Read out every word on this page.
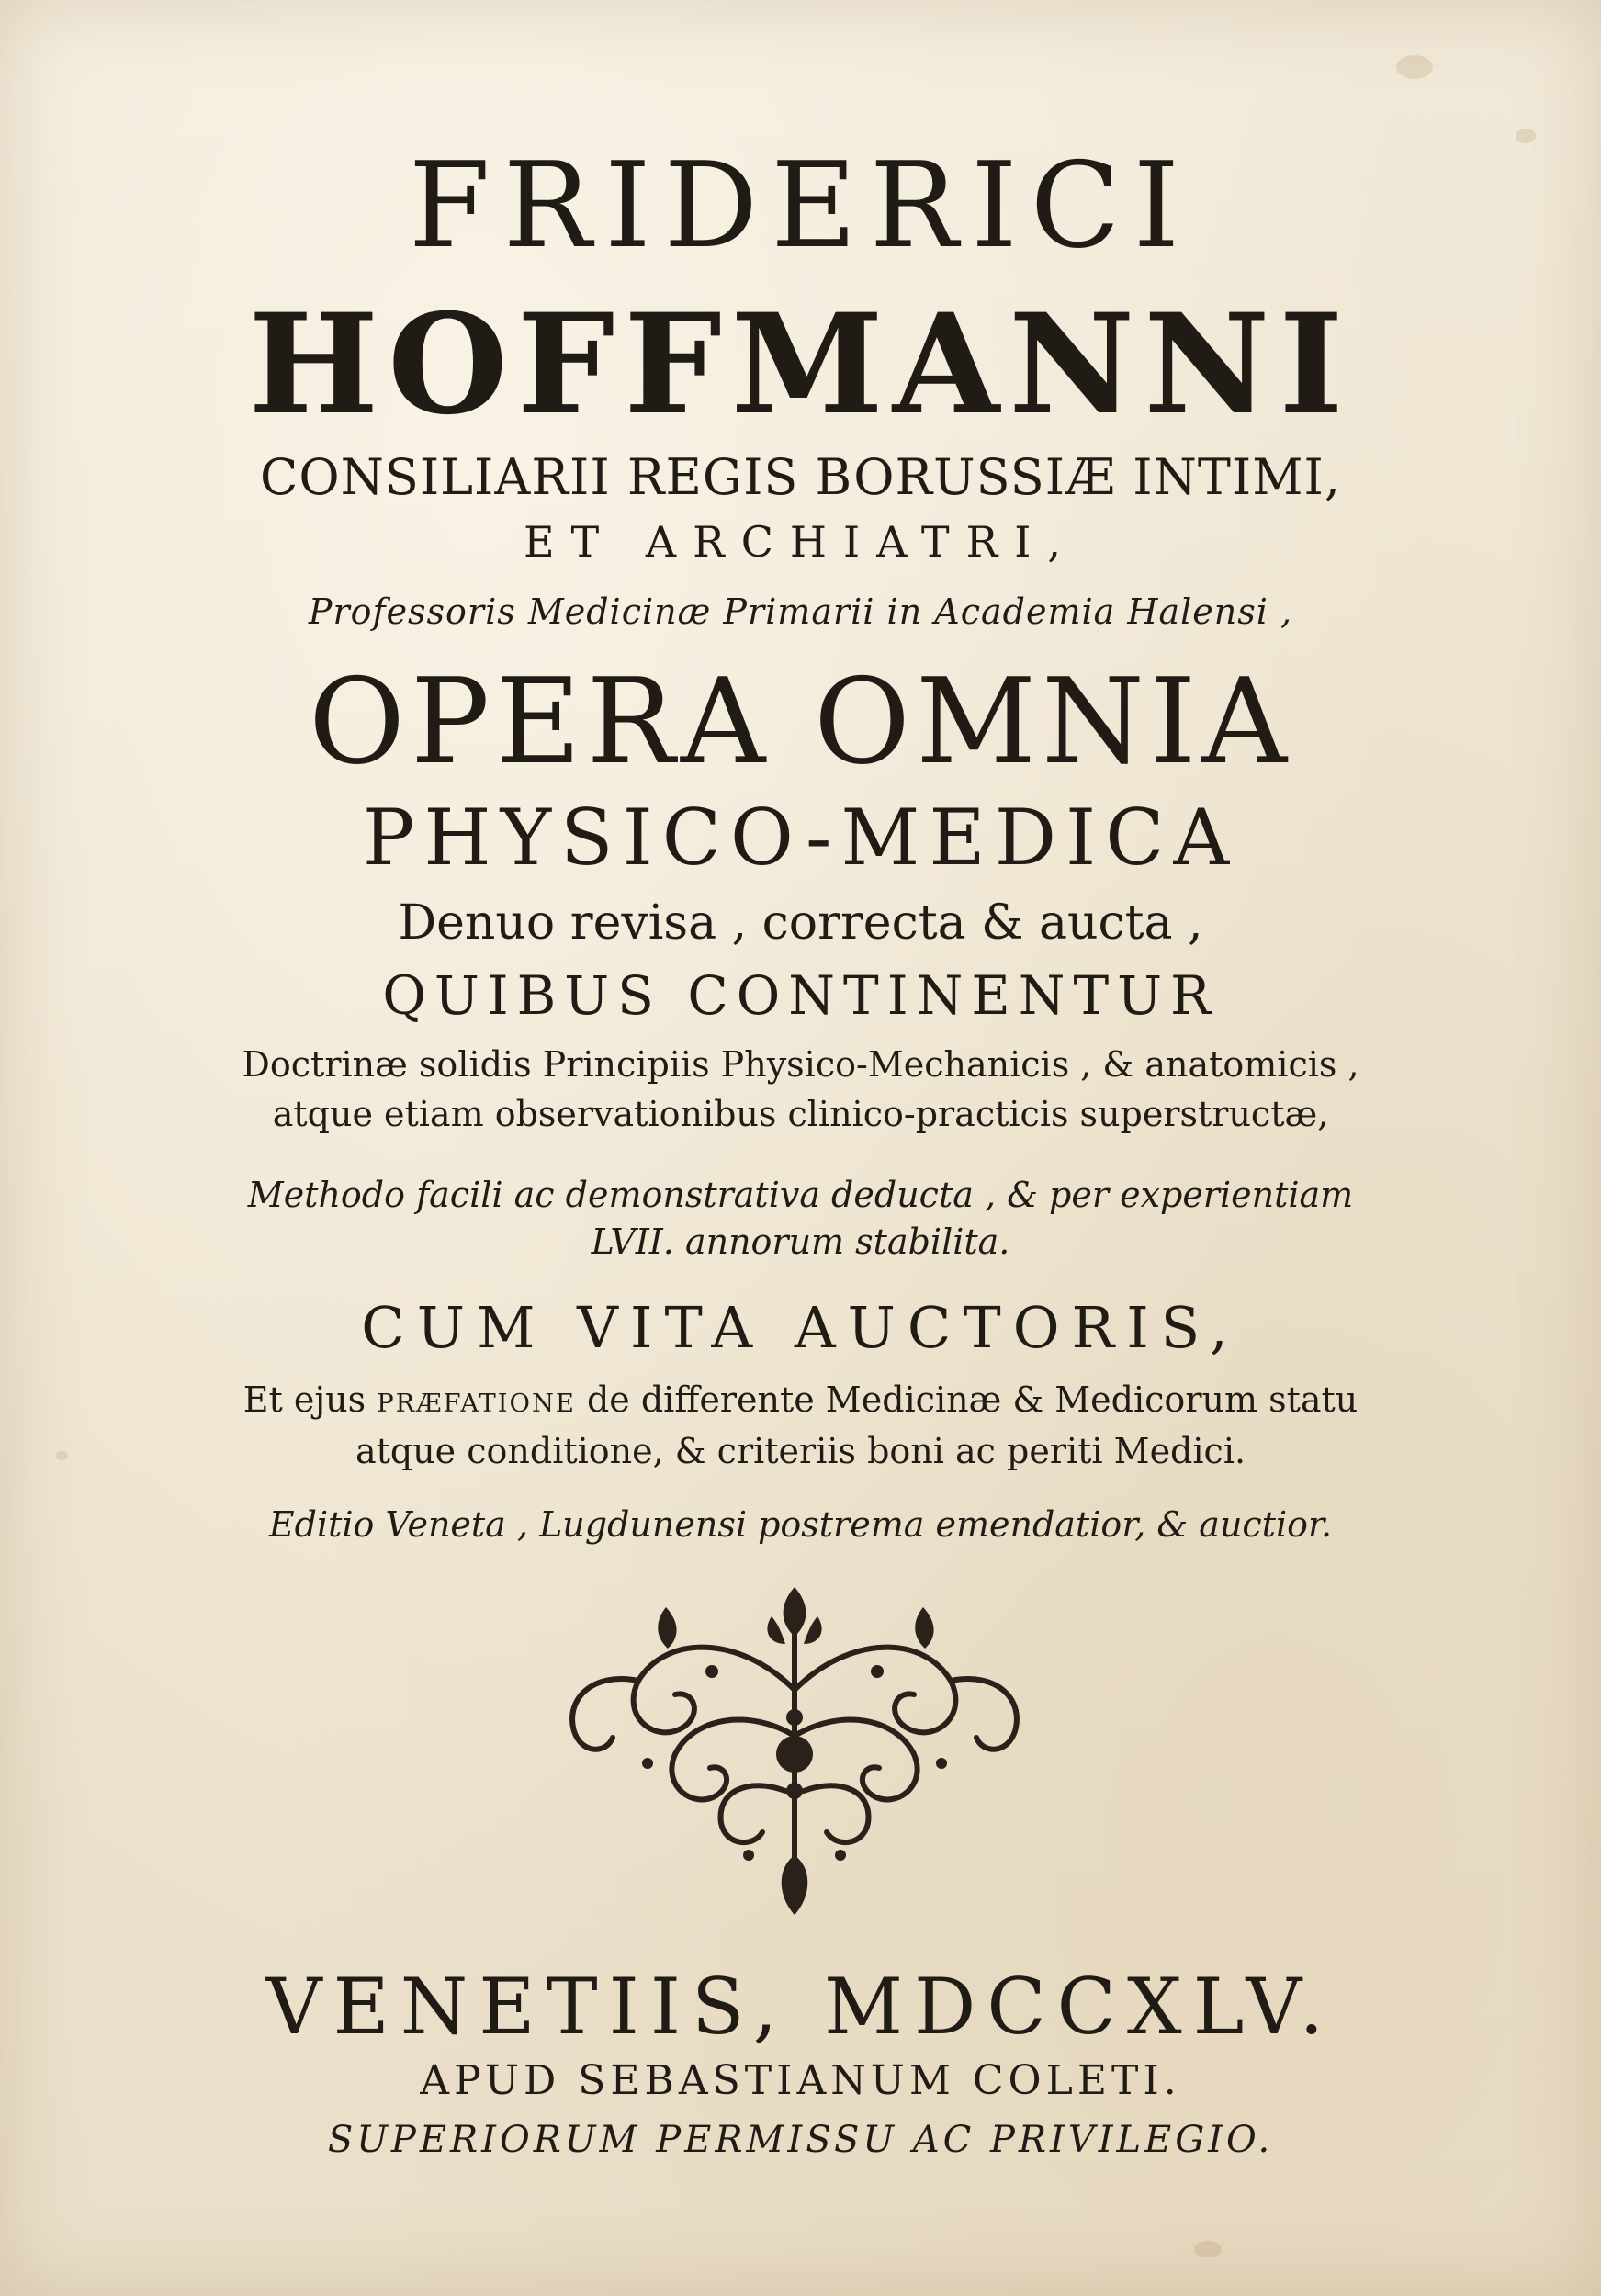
FRIDERICI
HOFFMANNI
CONSILIARII REGIS BORUSSIÆ INTIMI,
ET ARCHIATRI,
Professoris Medicinæ Primarii in Academia Halensi ,
OPERA OMNIA
PHYSICO-MEDICA
Denuo revisa , correcta & aucta ,
QUIBUS CONTINENTUR
Doctrinæ solidis Principiis Physico-Mechanicis , & anatomicis ,
atque etiam observationibus clinico-practicis superstructæ,
Methodo facili ac demonstrativa deducta , & per experientiam
LVII. annorum stabilita.
CUM VITA AUCTORIS,
Et ejus PRÆFATIONE de differente Medicinæ & Medicorum statu
atque conditione, & criteriis boni ac periti Medici.
Editio Veneta , Lugdunensi postrema emendatior, & auctior.
VENETIIS, MDCCXLV.
APUD SEBASTIANUM COLETI.
SUPERIORUM PERMISSU AC PRIVILEGIO.
